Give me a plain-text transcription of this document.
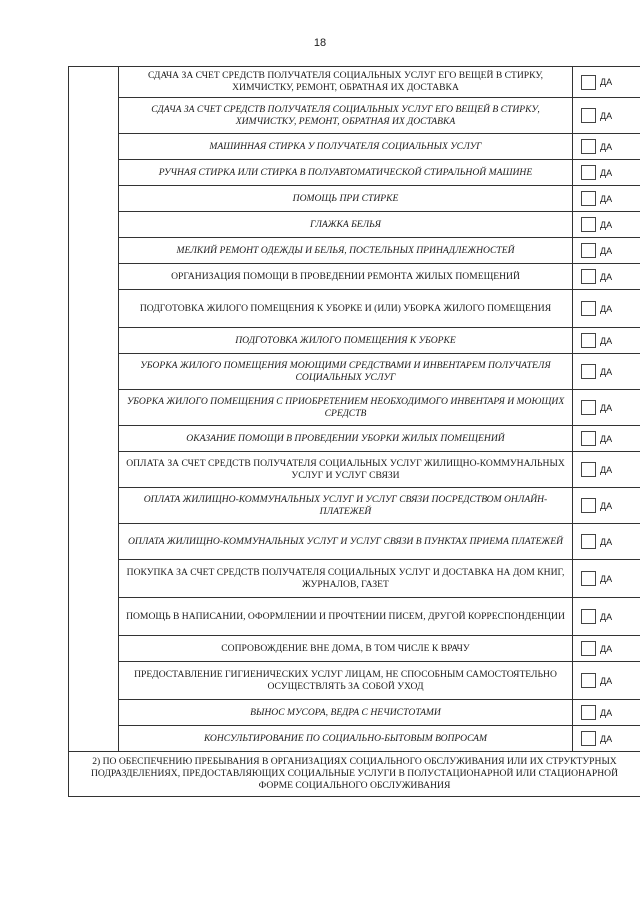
18
	СДАЧА ЗА СЧЕТ СРЕДСТВ ПОЛУЧАТЕЛЯ СОЦИАЛЬНЫХ УСЛУГ ЕГО ВЕЩЕЙ В СТИРКУ, ХИМЧИСТКУ, РЕМОНТ, ОБРАТНАЯ ИХ ДОСТАВКА	ДА

	СДАЧА ЗА СЧЕТ СРЕДСТВ ПОЛУЧАТЕЛЯ СОЦИАЛЬНЫХ УСЛУГ ЕГО ВЕЩЕЙ В СТИРКУ, ХИМЧИСТКУ, РЕМОНТ, ОБРАТНАЯ ИХ ДОСТАВКА	ДА

	МАШИННАЯ СТИРКА У ПОЛУЧАТЕЛЯ СОЦИАЛЬНЫХ УСЛУГ	ДА

	РУЧНАЯ СТИРКА ИЛИ СТИРКА В ПОЛУАВТОМАТИЧЕСКОЙ СТИРАЛЬНОЙ МАШИНЕ	ДА

	ПОМОЩЬ ПРИ СТИРКЕ	ДА

	ГЛАЖКА БЕЛЬЯ	ДА

	МЕЛКИЙ РЕМОНТ ОДЕЖДЫ И БЕЛЬЯ, ПОСТЕЛЬНЫХ ПРИНАДЛЕЖНОСТЕЙ	ДА

	ОРГАНИЗАЦИЯ ПОМОЩИ В ПРОВЕДЕНИИ РЕМОНТА ЖИЛЫХ ПОМЕЩЕНИЙ	ДА

	ПОДГОТОВКА ЖИЛОГО ПОМЕЩЕНИЯ К УБОРКЕ И (ИЛИ) УБОРКА ЖИЛОГО ПОМЕЩЕНИЯ	ДА

	ПОДГОТОВКА ЖИЛОГО ПОМЕЩЕНИЯ К УБОРКЕ	ДА

	УБОРКА ЖИЛОГО ПОМЕЩЕНИЯ МОЮЩИМИ СРЕДСТВАМИ И ИНВЕНТАРЕМ ПОЛУЧАТЕЛЯ СОЦИАЛЬНЫХ УСЛУГ	ДА

	УБОРКА ЖИЛОГО ПОМЕЩЕНИЯ С ПРИОБРЕТЕНИЕМ НЕОБХОДИМОГО ИНВЕНТАРЯ И МОЮЩИХ СРЕДСТВ	ДА

	ОКАЗАНИЕ ПОМОЩИ В ПРОВЕДЕНИИ УБОРКИ ЖИЛЫХ ПОМЕЩЕНИЙ	ДА

	ОПЛАТА ЗА СЧЕТ СРЕДСТВ ПОЛУЧАТЕЛЯ СОЦИАЛЬНЫХ УСЛУГ ЖИЛИЩНО-КОММУНАЛЬНЫХ УСЛУГ И УСЛУГ СВЯЗИ	ДА

	ОПЛАТА ЖИЛИЩНО-КОММУНАЛЬНЫХ УСЛУГ И УСЛУГ СВЯЗИ ПОСРЕДСТВОМ ОНЛАЙН-ПЛАТЕЖЕЙ	ДА

	ОПЛАТА ЖИЛИЩНО-КОММУНАЛЬНЫХ УСЛУГ И УСЛУГ СВЯЗИ В ПУНКТАХ ПРИЕМА ПЛАТЕЖЕЙ	ДА

	ПОКУПКА ЗА СЧЕТ СРЕДСТВ ПОЛУЧАТЕЛЯ СОЦИАЛЬНЫХ УСЛУГ И ДОСТАВКА НА ДОМ КНИГ, ЖУРНАЛОВ, ГАЗЕТ	ДА

	ПОМОЩЬ В НАПИСАНИИ, ОФОРМЛЕНИИ И ПРОЧТЕНИИ ПИСЕМ, ДРУГОЙ КОРРЕСПОНДЕНЦИИ	ДА

	СОПРОВОЖДЕНИЕ ВНЕ ДОМА, В ТОМ ЧИСЛЕ К ВРАЧУ	ДА

	ПРЕДОСТАВЛЕНИЕ ГИГИЕНИЧЕСКИХ УСЛУГ ЛИЦАМ, НЕ СПОСОБНЫМ САМОСТОЯТЕЛЬНО ОСУЩЕСТВЛЯТЬ ЗА СОБОЙ УХОД	ДА

	ВЫНОС МУСОРА, ВЕДРА С НЕЧИСТОТАМИ	ДА

	КОНСУЛЬТИРОВАНИЕ ПО СОЦИАЛЬНО-БЫТОВЫМ ВОПРОСАМ	ДА

2) ПО ОБЕСПЕЧЕНИЮ ПРЕБЫВАНИЯ В ОРГАНИЗАЦИЯХ СОЦИАЛЬНОГО ОБСЛУЖИВАНИЯ ИЛИ ИХ СТРУКТУРНЫХ ПОДРАЗДЕЛЕНИЯХ, ПРЕДОСТАВЛЯЮЩИХ СОЦИАЛЬНЫЕ УСЛУГИ В ПОЛУСТАЦИОНАРНОЙ ИЛИ СТАЦИОНАРНОЙ ФОРМЕ СОЦИАЛЬНОГО ОБСЛУЖИВАНИЯ		
